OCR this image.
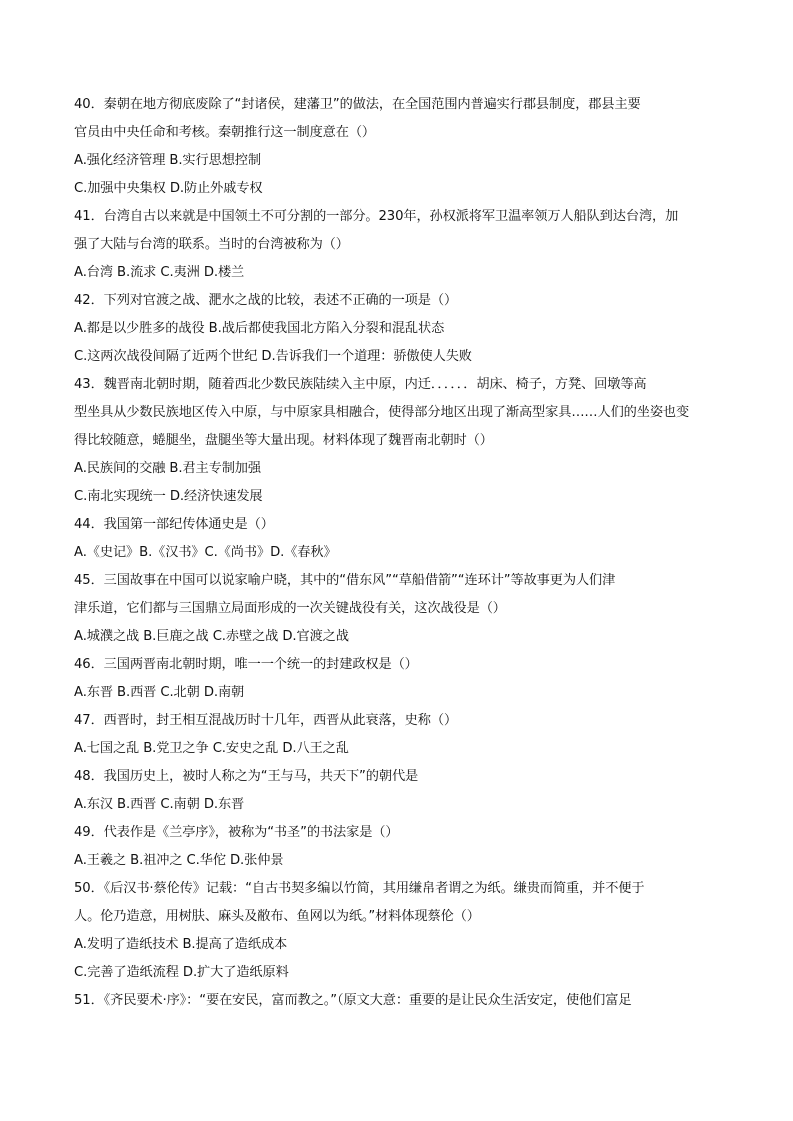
40．秦朝在地方彻底废除了“封诸侯，建藩卫”的做法，在全国范围内普遍实行郡县制度，郡县主要
官员由中央任命和考核。秦朝推行这一制度意在（）
A.强化经济管理 B.实行思想控制
C.加强中央集权 D.防止外戚专权
41．台湾自古以来就是中国领土不可分割的一部分。230年，孙权派将军卫温率领万人船队到达台湾，加
强了大陆与台湾的联系。当时的台湾被称为（）
A.台湾 B.流求 C.夷洲 D.楼兰
42．下列对官渡之战、淝水之战的比较，表述不正确的一项是（）
A.都是以少胜多的战役 B.战后都使我国北方陷入分裂和混乱状态
C.这两次战役间隔了近两个世纪 D.告诉我们一个道理：骄傲使人失败
43．魏晋南北朝时期，随着西北少数民族陆续入主中原，内迁．．．．．．胡床、椅子，方凳、回墩等高
型坐具从少数民族地区传入中原，与中原家具相融合，使得部分地区出现了渐高型家具……人们的坐姿也变
得比较随意，蜷腿坐，盘腿坐等大量出现。材料体现了魏晋南北朝时（）
A.民族间的交融 B.君主专制加强
C.南北实现统一 D.经济快速发展
44．我国第一部纪传体通史是（）
A.《史记》B.《汉书》C.《尚书》D.《春秋》
45．三国故事在中国可以说家喻户晓，其中的“借东风”“草船借箭”“连环计”等故事更为人们津
津乐道，它们都与三国鼎立局面形成的一次关键战役有关，这次战役是（）
A.城濮之战 B.巨鹿之战 C.赤壁之战 D.官渡之战
46．三国两晋南北朝时期，唯一一个统一的封建政权是（）
A.东晋 B.西晋 C.北朝 D.南朝
47．西晋时，封王相互混战历时十几年，西晋从此衰落，史称（）
A.七国之乱 B.党卫之争 C.安史之乱 D.八王之乱
48．我国历史上，被时人称之为“王与马，共天下”的朝代是
A.东汉 B.西晋 C.南朝 D.东晋
49．代表作是《兰亭序》，被称为“书圣”的书法家是（）
A.王羲之 B.祖冲之 C.华佗 D.张仲景
50．《后汉书·蔡伦传》记载：“自古书契多编以竹简，其用缣帛者谓之为纸。缣贵而简重，并不便于
人。伦乃造意，用树肤、麻头及敝布、鱼网以为纸。”材料体现蔡伦（）
A.发明了造纸技术 B.提高了造纸成本
C.完善了造纸流程 D.扩大了造纸原料
51．《齐民要术·序》：“要在安民，富而教之。”（原文大意：重要的是让民众生活安定，使他们富足
